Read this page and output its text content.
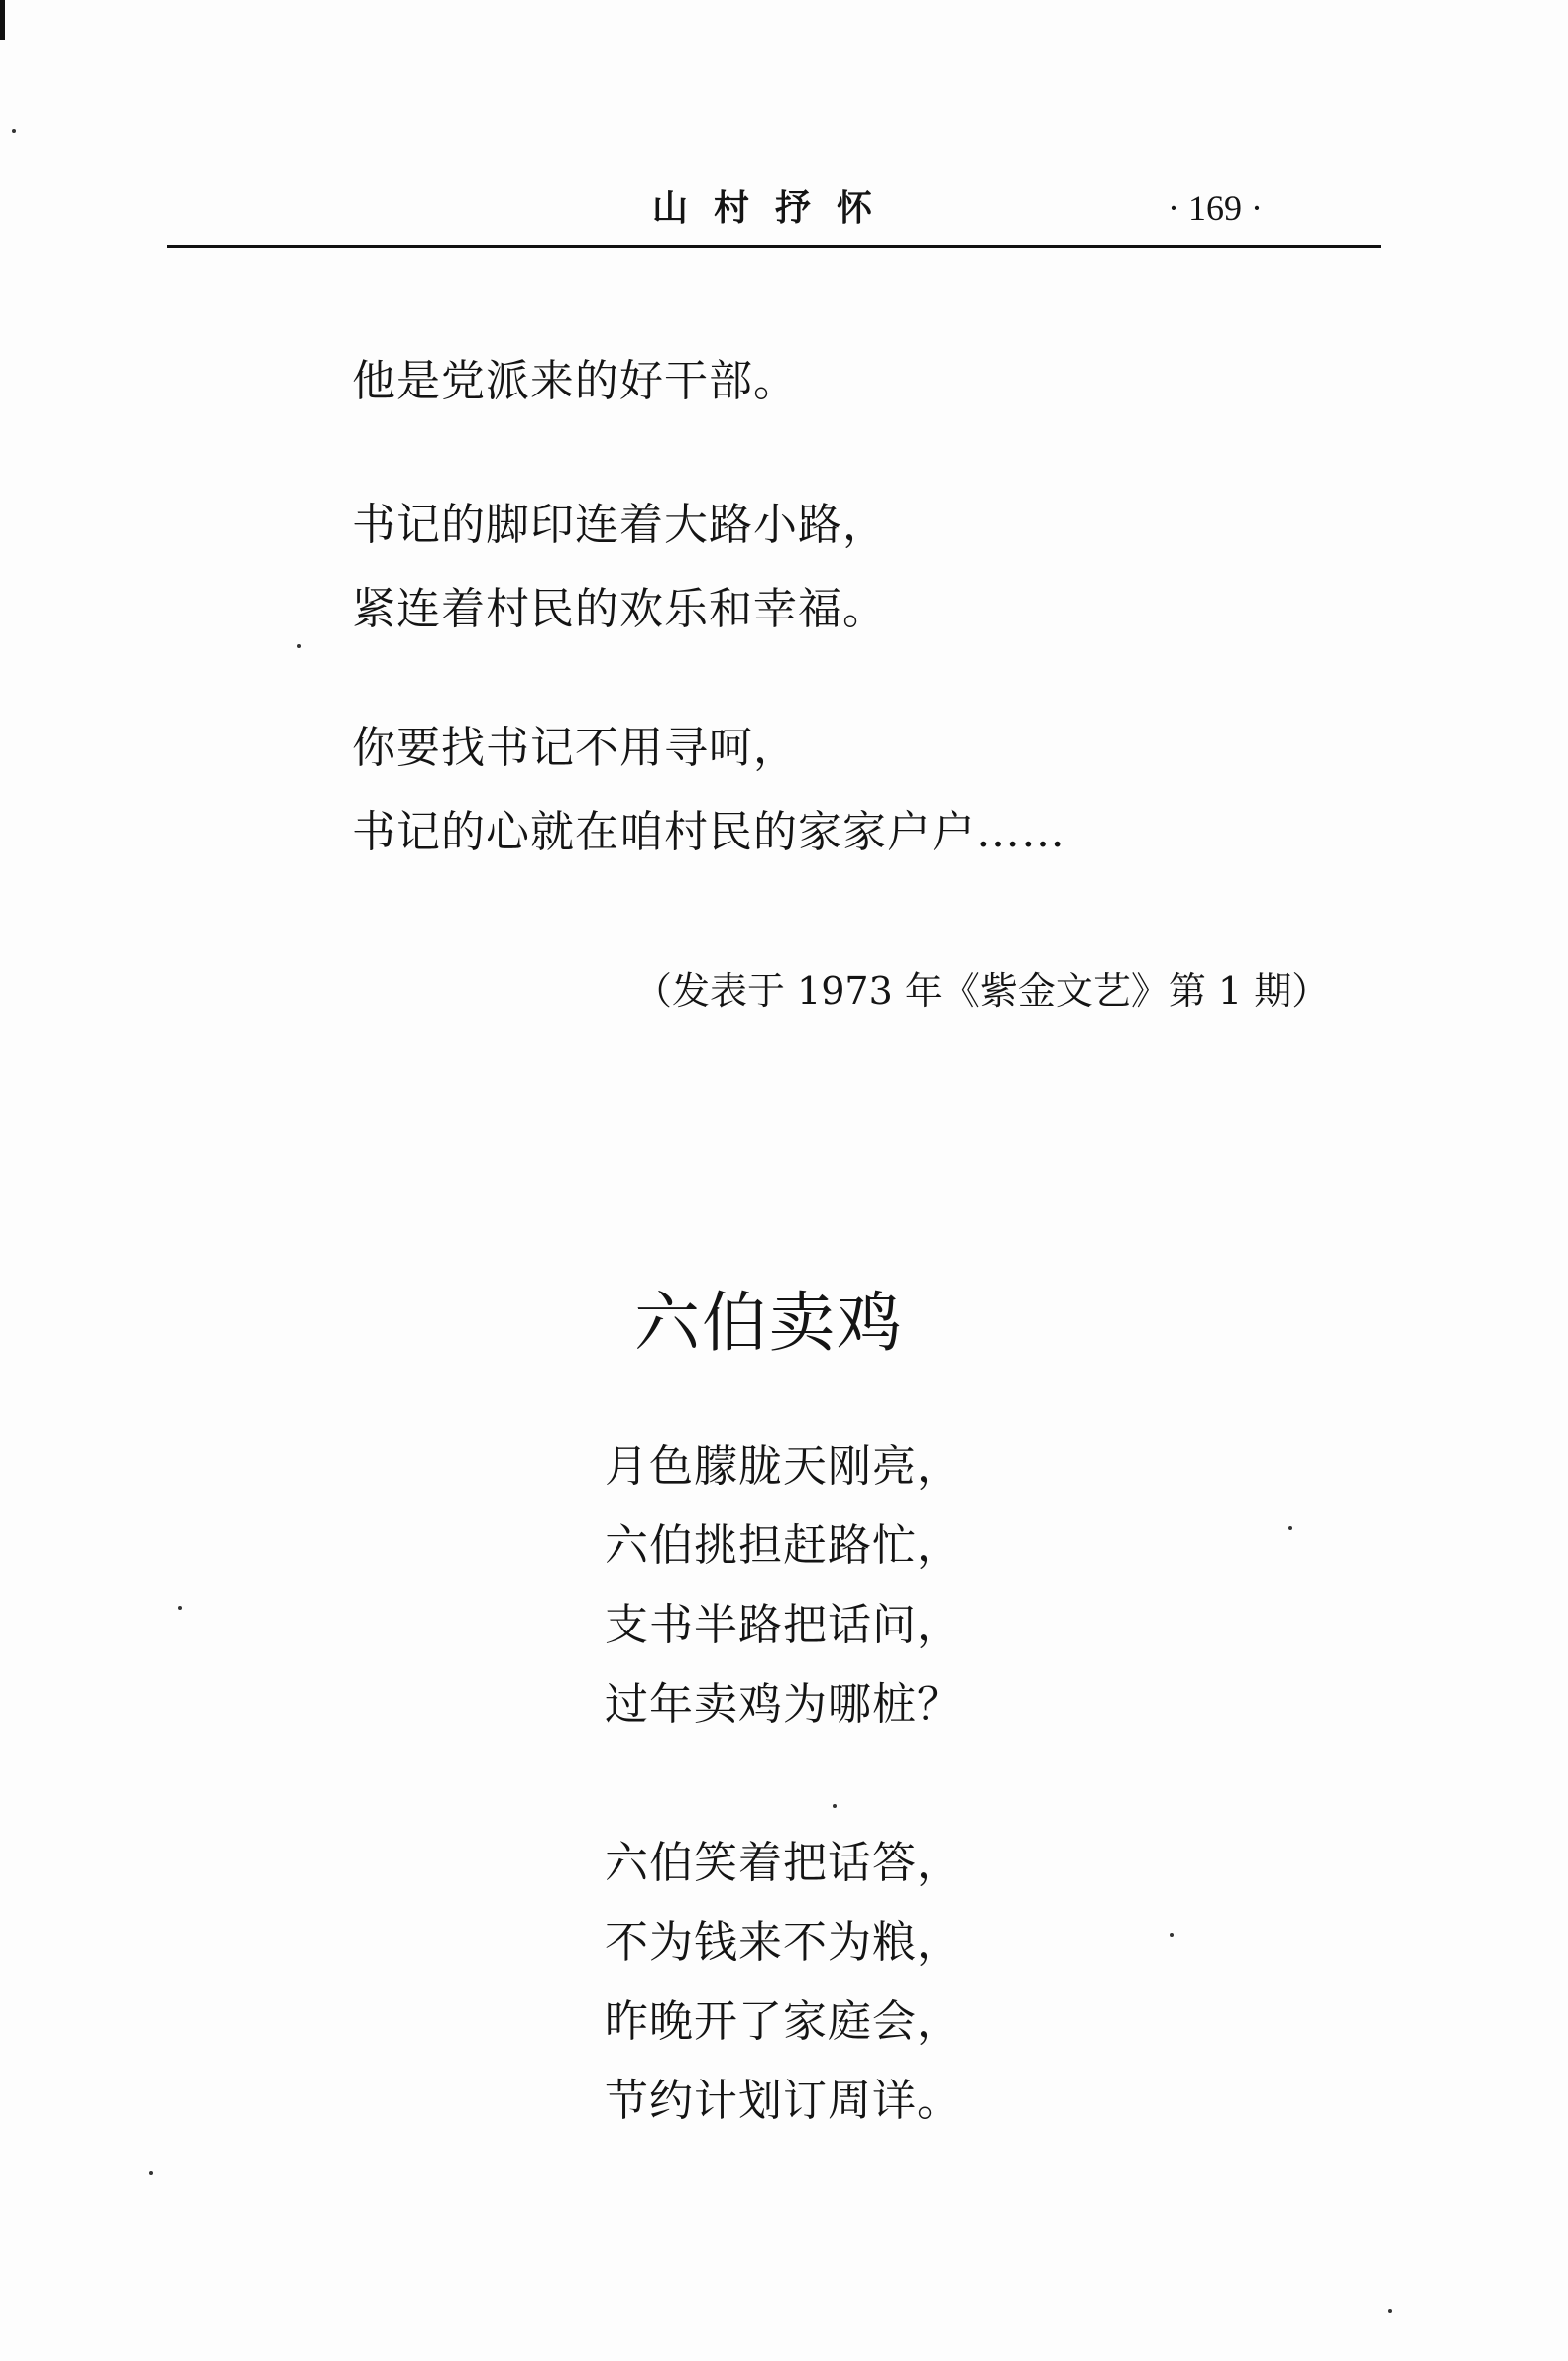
山村抒怀	· 169 ·
他是党派来的好干部。
书记的脚印连着大路小路，
紧连着村民的欢乐和幸福。
你要找书记不用寻呵，
书记的心就在咱村民的家家户户……
（发表于 1973 年《紫金文艺》第 1 期）
六伯卖鸡
月色朦胧天刚亮，
六伯挑担赶路忙，
支书半路把话问，
过年卖鸡为哪桩？
六伯笑着把话答，
不为钱来不为粮，
昨晚开了家庭会，
节约计划订周详。
